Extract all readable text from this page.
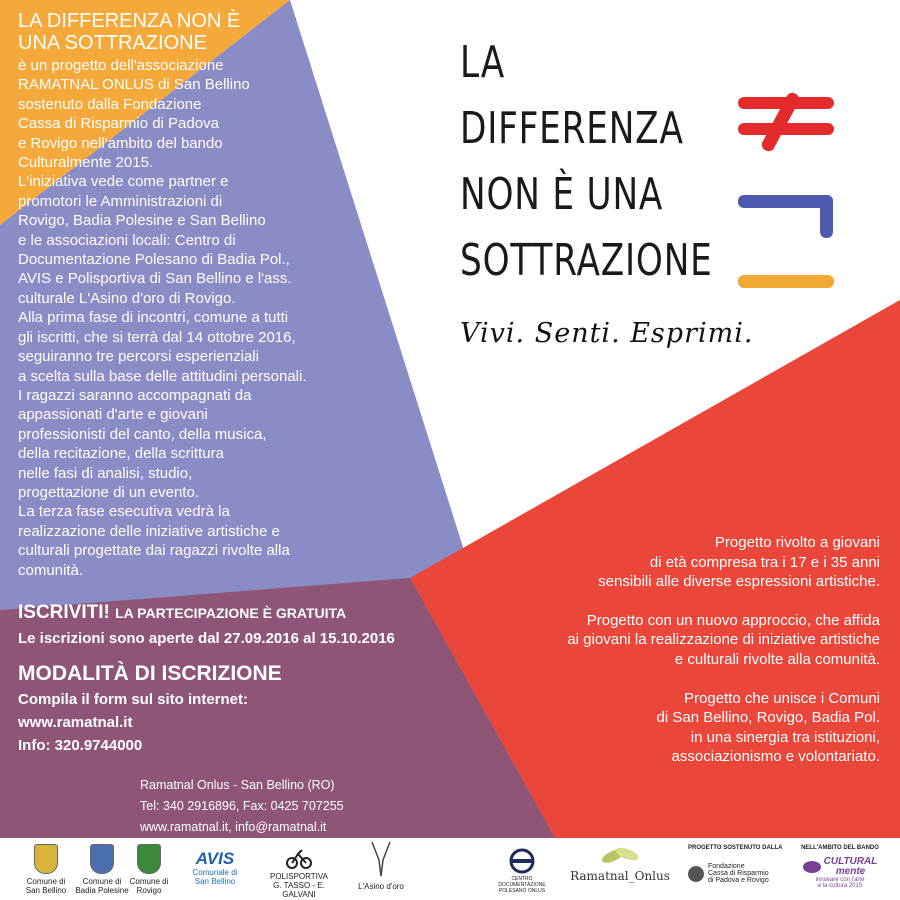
LA
DIFFERENZA
NON È UNA
SOTTRAZIONE
Vivi. Senti. Esprimi.
LA DIFFERENZA NON È
UNA SOTTRAZIONE
è un progetto dell'associazione
RAMATNAL ONLUS di San Bellino
sostenuto dalla Fondazione
Cassa di Risparmio di Padova
e Rovigo nell'ambito del bando
Culturalmente 2015.
L'iniziativa vede come partner e
promotori le Amministrazioni di
Rovigo, Badia Polesine e San Bellino
e le associazioni locali: Centro di
Documentazione Polesano di Badia Pol.,
AVIS e Polisportiva di San Bellino e l'ass.
culturale L'Asino d'oro di Rovigo.
Alla prima fase di incontri, comune a tutti
gli iscritti, che si terrà dal 14 ottobre 2016,
seguiranno tre percorsi esperienziali
a scelta sulla base delle attitudini personali.
I ragazzi saranno accompagnati da
appassionati d'arte e giovani
professionisti del canto, della musica,
della recitazione, della scrittura
nelle fasi di analisi, studio,
progettazione di un evento.
La terza fase esecutiva vedrà la
realizzazione delle iniziative artistiche e
culturali progettate dai ragazzi rivolte alla
comunità.
ISCRIVITI! LA PARTECIPAZIONE È GRATUITA
Le iscrizioni sono aperte dal 27.09.2016 al 15.10.2016
MODALITÀ DI ISCRIZIONE
Compila il form sul sito internet:
www.ramatnal.it
Info: 320.9744000
Ramatnal Onlus - San Bellino (RO)
Tel: 340 2916896, Fax: 0425 707255
www.ramatnal.it, info@ramatnal.it

Progetto rivolto a giovani
di età compresa tra i 17 e i 35 anni
sensibili alle diverse espressioni artistiche.

Progetto con un nuovo approccio, che affida
ai giovani la realizzazione di iniziative artistiche
e culturali rivolte alla comunità.

Progetto che unisce i Comuni
di San Bellino, Rovigo, Badia Pol.
in una sinergia tra istituzioni,
associazionismo e volontariato.

Comune di
San Bellino
Comune di
Badia Polesine
Comune di
Rovigo
AVIS
Comunale di
San Bellino
POLISPORTIVA
G. TASSO - E. GALVANI
L'Asino d'oro
CENTRO
DOCUMENTAZIONE
POLESANO ONLUS
Ramatnal_Onlus
PROGETTO SOSTENUTO DALLA
Fondazione
Cassa di Risparmio
di Padova e Rovigo
NELL'AMBITO DEL BANDO
CULTURAL
mente
innovare con l'arte
e la cultura 2015
